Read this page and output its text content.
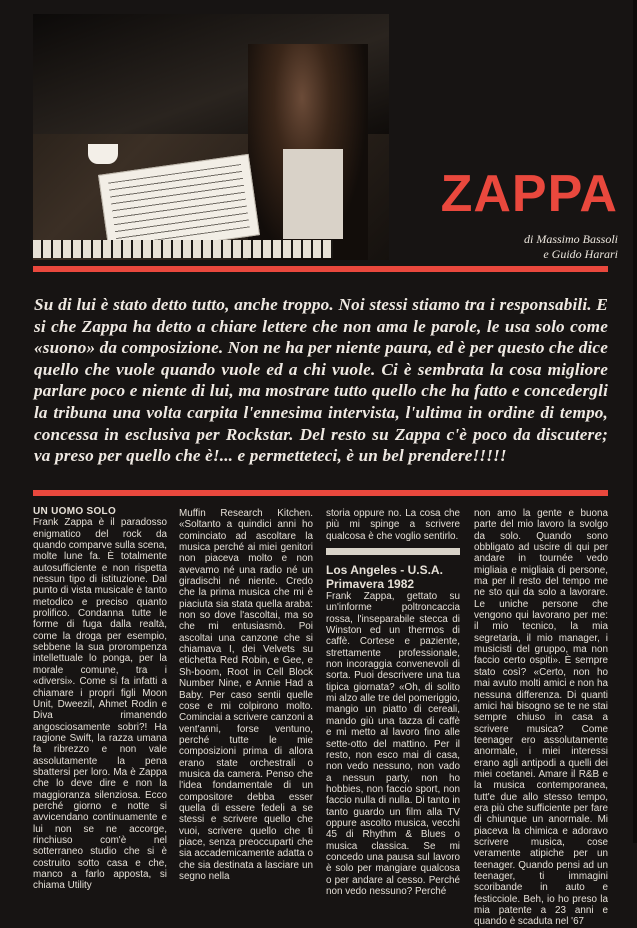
ZAPPA
di Massimo Bassoli
e Guido Harari
Su di lui è stato detto tutto, anche troppo. Noi stessi stiamo tra i responsabili. E si che Zappa ha detto a chiare lettere che non ama le parole, le usa solo come «suono» da composizione. Non ne ha per niente paura, ed è per questo che dice quello che vuole quando vuole ed a chi vuole. Ci è sembrata la cosa migliore parlare poco e niente di lui, ma mostrare tutto quello che ha fatto e concedergli la tribuna una volta carpita l'ennesima intervista, l'ultima in ordine di tempo, concessa in esclusiva per Rockstar. Del resto su Zappa c'è poco da discutere; va preso per quello che è!... e permetteteci, è un bel prendere!!!!!

UN UOMO SOLO

Frank Zappa è il paradosso enigmatico del rock da quando comparve sulla scena, molte lune fa. È totalmente autosufficiente e non rispetta nessun tipo di istituzione. Dal punto di vista musicale è tanto metodico e preciso quanto prolifico. Condanna tutte le forme di fuga dalla realtà, come la droga per esempio, sebbene la sua prorompenza intellettuale lo ponga, per la morale comune, tra i «diversi». Come si fa infatti a chiamare i propri figli Moon Unit, Dweezil, Ahmet Rodin e Diva rimanendo angosciosamente sobri?! Ha ragione Swift, la razza umana fa ribrezzo e non vale assolutamente la pena sbattersi per loro. Ma è Zappa che lo deve dire e non la maggioranza silenziosa. Ecco perché giorno e notte si avvicendano continuamente e lui non se ne accorge, rinchiuso com'è nel sotterraneo studio che si è costruito sotto casa e che, manco a farlo apposta, si chiama Utility

Muffin Research Kitchen. «Soltanto a quindici anni ho cominciato ad ascoltare la musica perché ai miei genitori non piaceva molto e non avevamo né una radio né un giradischi né niente. Credo che la prima musica che mi è piaciuta sia stata quella araba: non so dove l'ascoltai, ma so che mi entusiasmò. Poi ascoltai una canzone che si chiamava I, dei Velvets su etichetta Red Robin, e Gee, e Sh-boom, Root in Cell Block Number Nine, e Annie Had a Baby. Per caso sentii quelle cose e mi colpirono molto. Cominciai a scrivere canzoni a vent'anni, forse ventuno, perché tutte le mie composizioni prima di allora erano state orchestrali o musica da camera. Penso che l'idea fondamentale di un compositore debba esser quella di essere fedeli a se stessi e scrivere quello che vuoi, scrivere quello che ti piace, senza preoccuparti che sia accademicamente adatta o che sia destinata a lasciare un segno nella

storia oppure no. La cosa che più mi spinge a scrivere qualcosa è che voglio sentirlo.

Los Angeles - U.S.A.
Primavera 1982

Frank Zappa, gettato su un'informe poltroncaccia rossa, l'inseparabile stecca di Winston ed un thermos di caffè. Cortese e paziente, strettamente professionale, non incoraggia convenevoli di sorta. Puoi descrivere una tua tipica giornata? «Oh, di solito mi alzo alle tre del pomeriggio, mangio un piatto di cereali, mando giù una tazza di caffè e mi metto al lavoro fino alle sette-otto del mattino. Per il resto, non esco mai di casa, non vedo nessuno, non vado a nessun party, non ho hobbies, non faccio sport, non faccio nulla di nulla. Di tanto in tanto guardo un film alla TV oppure ascolto musica, vecchi 45 di Rhythm & Blues o musica classica. Se mi concedo una pausa sul lavoro è solo per mangiare qualcosa o per andare al cesso. Perché non vedo nessuno? Perché

non amo la gente e buona parte del mio lavoro la svolgo da solo. Quando sono obbligato ad uscire di qui per andare in tournée vedo migliaia e migliaia di persone, ma per il resto del tempo me ne sto qui da solo a lavorare. Le uniche persone che vengono qui lavorano per me: il mio tecnico, la mia segretaria, il mio manager, i musicisti del gruppo, ma non faccio certo ospiti». È sempre stato così? «Certo, non ho mai avuto molti amici e non ha nessuna differenza. Di quanti amici hai bisogno se te ne stai sempre chiuso in casa a scrivere musica? Come teenager ero assolutamente anormale, i miei interessi erano agli antipodi a quelli dei miei coetanei. Amare il R&B e la musica contemporanea, tutt'e due allo stesso tempo, era più che sufficiente per fare di chiunque un anormale. Mi piaceva la chimica e adoravo scrivere musica, cose veramente atipiche per un teenager. Quando pensi ad un teenager, ti immagini scoribande in auto e festicciole. Beh, io ho preso la mia patente a 23 anni e quando è scaduta nel '67
